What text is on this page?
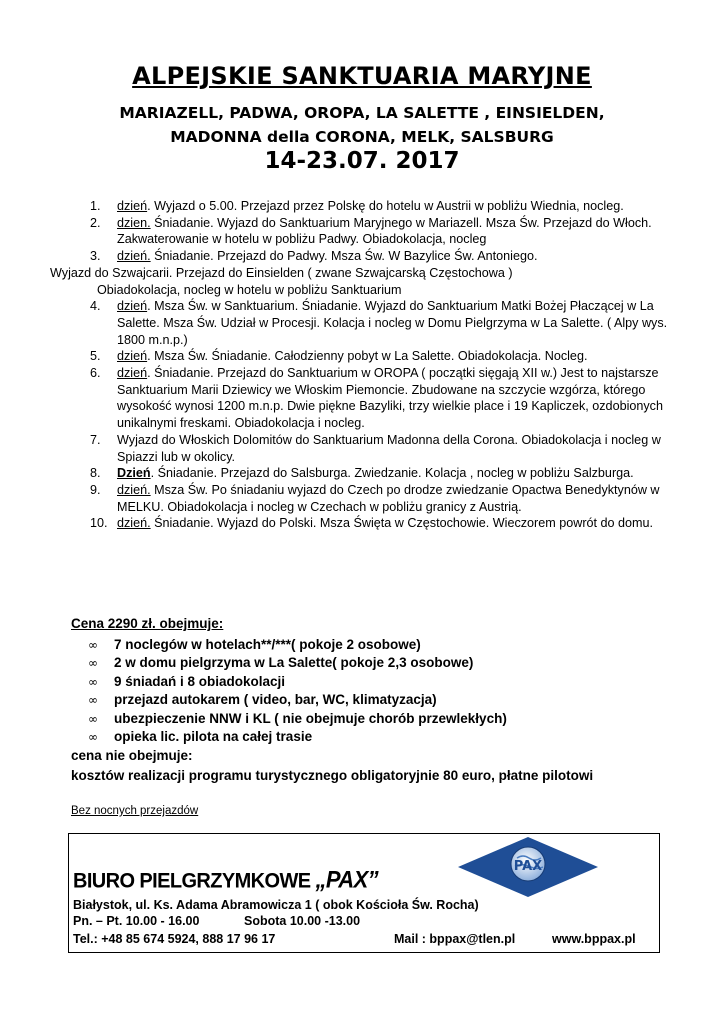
ALPEJSKIE SANKTUARIA MARYJNE
MARIAZELL, PADWA, OROPA, LA SALETTE , EINSIELDEN,
MADONNA della CORONA, MELK, SALSBURG
14-23.07. 2017
1. dzień. Wyjazd o 5.00. Przejazd przez Polskę do hotelu w Austrii w pobliżu Wiednia, nocleg.
2. dzien. Śniadanie. Wyjazd do Sanktuarium Maryjnego w Mariazell. Msza Św. Przejazd do Włoch. Zakwaterowanie w hotelu w pobliżu Padwy. Obiadokolacja, nocleg
3. dzień. Śniadanie. Przejazd do Padwy. Msza Św. W Bazylice Św. Antoniego.
Wyjazd do Szwajcarii. Przejazd do Einsielden ( zwane Szwajcarską Częstochowa )
Obiadokolacja, nocleg w hotelu w pobliżu Sanktuarium
4. dzień. Msza Św. w Sanktuarium. Śniadanie. Wyjazd do Sanktuarium Matki Bożej Płaczącej w La Salette. Msza Św. Udział w Procesji. Kolacja i nocleg w Domu Pielgrzyma w La Salette. ( Alpy wys. 1800 m.n.p.)
5. dzień. Msza Św. Śniadanie. Całodzienny pobyt w La Salette. Obiadokolacja. Nocleg.
6. dzień. Śniadanie. Przejazd do Sanktuarium w OROPA ( początki sięgają XII w.) Jest to najstarsze Sanktuarium Marii Dziewicy we Włoskim Piemoncie. Zbudowane na szczycie wzgórza, którego wysokość wynosi 1200 m.n.p. Dwie piękne Bazyliki, trzy wielkie place i 19 Kapliczek, ozdobionych unikalnymi freskami. Obiadokolacja i nocleg.
7. Wyjazd do Włoskich Dolomitów do Sanktuarium Madonna della Corona. Obiadokolacja i nocleg w Spiazzi lub w okolicy.
8. Dzień. Śniadanie. Przejazd do Salsburga. Zwiedzanie. Kolacja , nocleg w pobliżu Salzburga.
9. dzień. Msza Św. Po śniadaniu wyjazd do Czech po drodze zwiedzanie Opactwa Benedyktynów w MELKU. Obiadokolacja i nocleg w Czechach w pobliżu granicy z Austrią.
10. dzień. Śniadanie. Wyjazd do Polski. Msza Święta w Częstochowie. Wieczorem powrót do domu.
Cena 2290 zł. obejmuje:
∞ 7 noclegów w hotelach**/***( pokoje 2 osobowe)
∞ 2 w domu pielgrzyma w La Salette( pokoje 2,3 osobowe)
∞ 9 śniadań i 8 obiadokolacji
∞ przejazd autokarem ( video, bar, WC, klimatyzacja)
∞ ubezpieczenie NNW i KL ( nie obejmuje chorób przewlekłych)
∞ opieka lic. pilota na całej trasie
cena nie obejmuje:
kosztów realizacji programu turystycznego obligatoryjnie 80 euro, płatne pilotowi
Bez nocnych przejazdów
BIURO PIELGRZYMKOWE „PAX”	PAX
Białystok, ul. Ks. Adama Abramowicza 1 ( obok Kościoła Św. Rocha)
Pn. – Pt. 10.00 - 16.00	Sobota 10.00 -13.00
Tel.: +48 85 674 5924, 888 17 96 17	Mail : bppax@tlen.pl	www.bppax.pl
